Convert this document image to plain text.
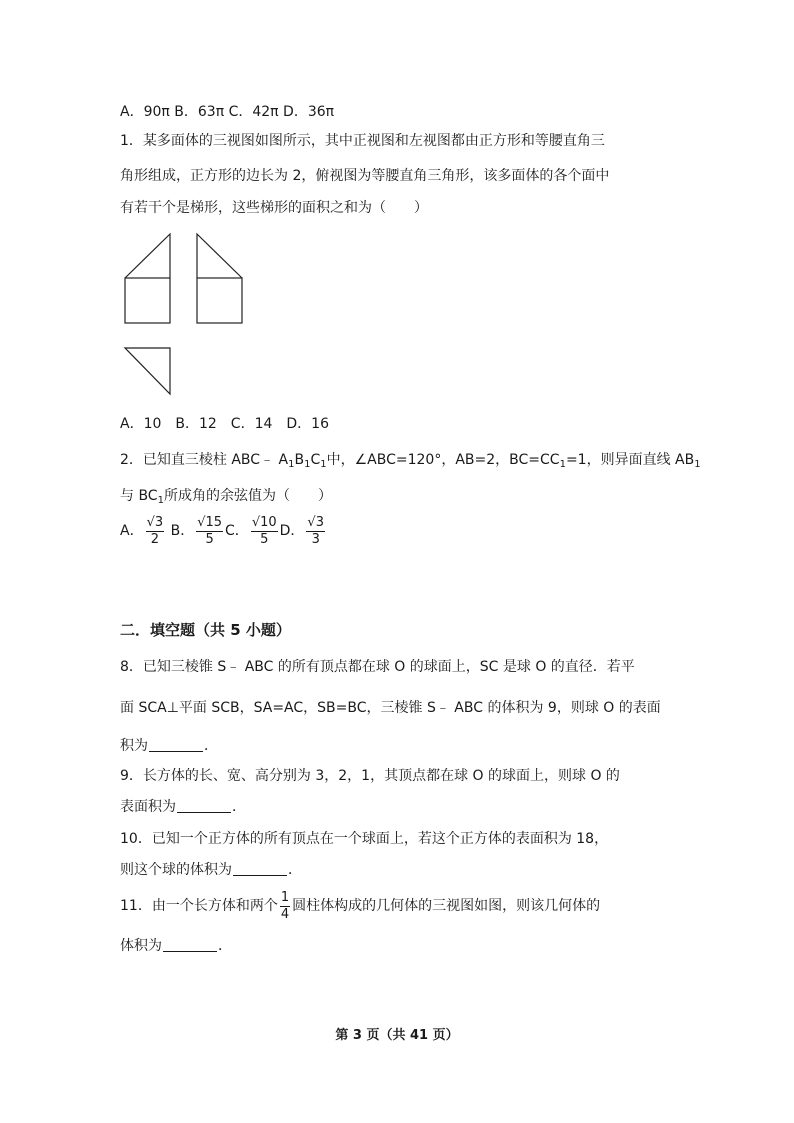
A．90π B．63π C．42π D．36π
1．某多面体的三视图如图所示，其中正视图和左视图都由正方形和等腰直角三
角形组成，正方形的边长为 2，俯视图为等腰直角三角形，该多面体的各个面中
有若干个是梯形，这些梯形的面积之和为（　　）
A．10　B．12　C．14　D．16
2．已知直三棱柱 ABC﹣ $A_1B_1C_1$中，∠ABC=120°，AB=2，$BC=CC_1=1$，则异面直线 $AB_1$
与 $BC_1$所成角的余弦值为（　　）
A． $\frac{√3}{2}$ B． $\frac{√15}{5}$ C． $\frac{√10}{5}$ D． $\frac{√3}{3}$
二．填空题（共 5 小题）
8．已知三棱锥 S﹣ ABC 的所有顶点都在球 O 的球面上，SC 是球 O 的直径．若平
面 SCA⊥平面 SCB，SA=AC，SB=BC，三棱锥 S﹣ ABC 的体积为 9，则球 O 的表面
积为	．
9．长方体的长、宽、高分别为 3，2，1，其顶点都在球 O 的球面上，则球 O 的
表面积为	．
10．已知一个正方体的所有顶点在一个球面上，若这个正方体的表面积为 18，
则这个球的体积为	．
11．由一个长方体和两个 $\frac{1}{4}$ 圆柱体构成的几何体的三视图如图，则该几何体的
体积为	．
第 3 页（共 41 页）
